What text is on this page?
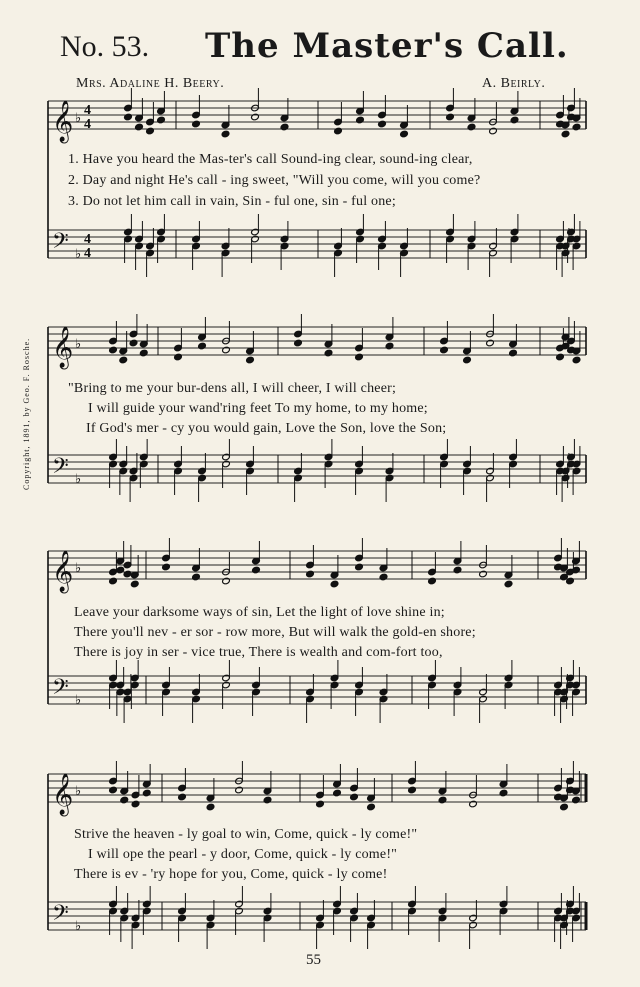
No. 53. The Master's Call.
Mrs. Adaline H. Beery.	A. Beirly.
Copyright, 1891, by Geo. F. Rosche.
55
𝄞
𝄢
♭
♭
4
4
4
4
𝄞
𝄢
♭
♭
𝄞
𝄢
♭
♭
𝄞
𝄢
♭
♭
1. Have you heard the Mas-ter's call Sound-ing clear, sound-ing clear,
2. Day and night He's call - ing sweet, "Will you come, will you come?
3. Do not let him call in vain, Sin - ful one, sin - ful one;
"Bring to me your bur-dens all, I will cheer, I will cheer;
I will guide your wand'ring feet To my home, to my home;
If God's mer - cy you would gain, Love the Son, love the Son;
Leave your darksome ways of sin, Let the light of love shine in;
There you'll nev - er sor - row more, But will walk the gold-en shore;
There is joy in ser - vice true, There is wealth and com-fort too,
Strive the heaven - ly goal to win, Come, quick - ly come!"
I will ope the pearl - y door, Come, quick - ly come!"
There is ev - 'ry hope for you, Come, quick - ly come!
